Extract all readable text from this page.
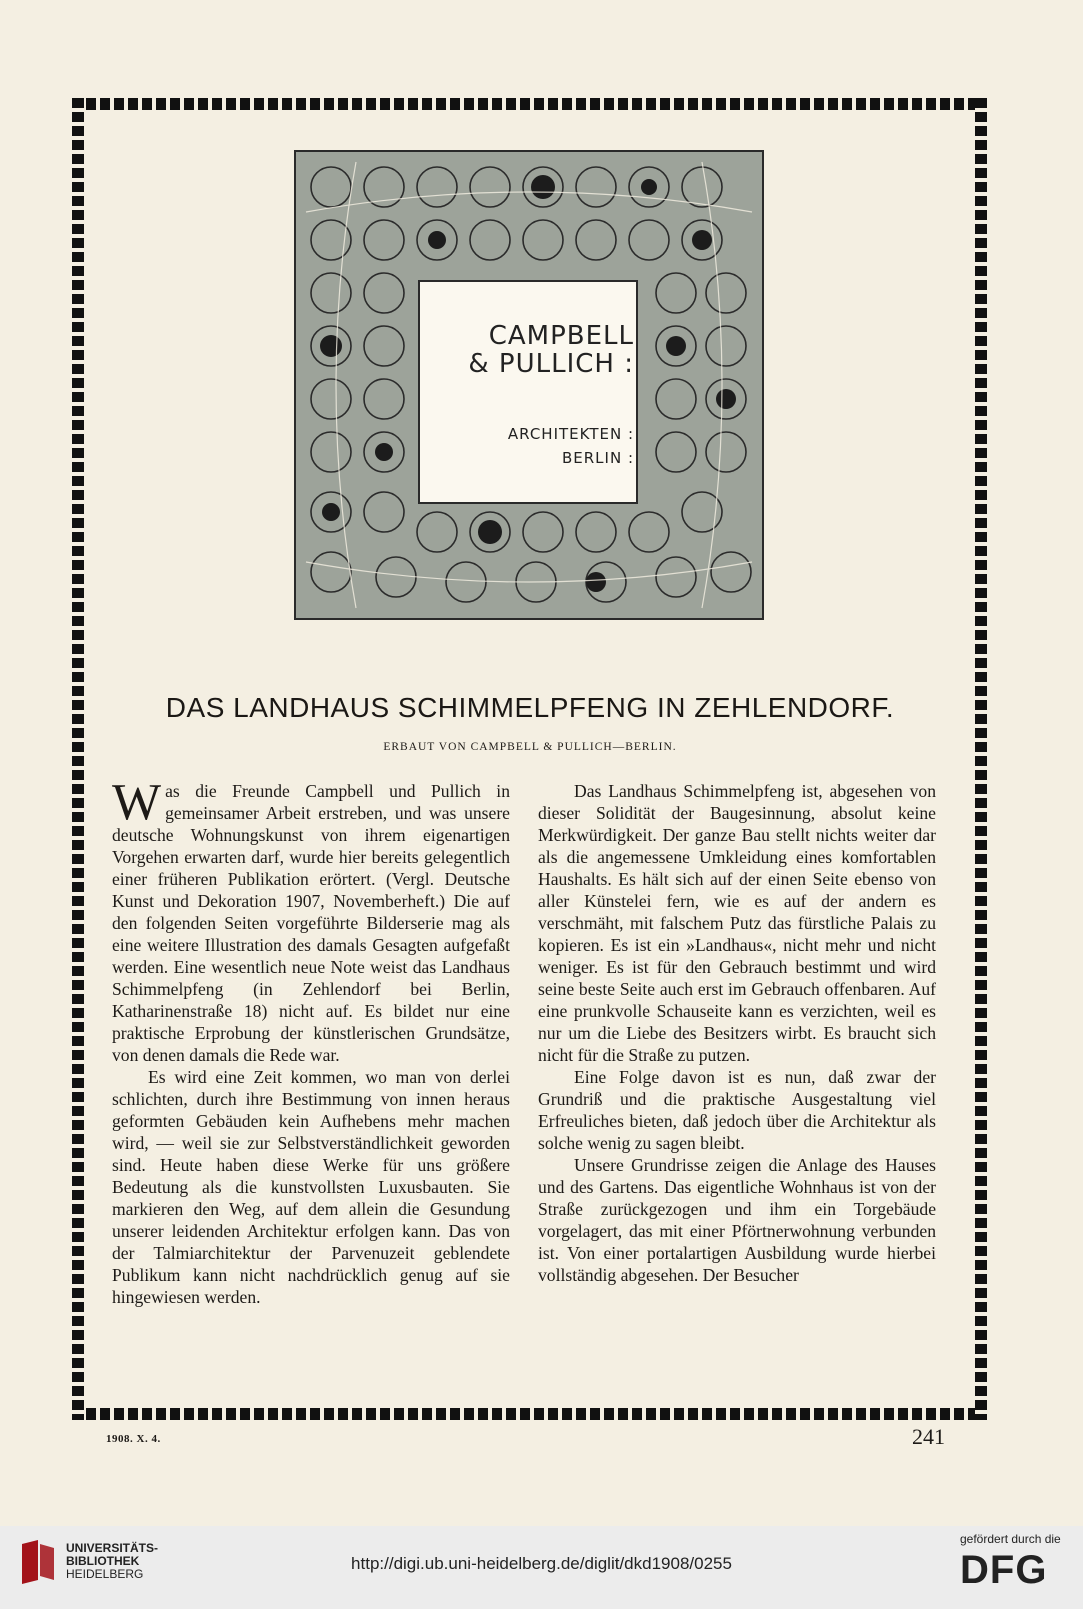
CAMPBELL
& PULLICH :
ARCHITEKTEN :
BERLIN :
DAS LANDHAUS SCHIMMELPFENG IN ZEHLENDORF.
ERBAUT VON CAMPBELL & PULLICH—BERLIN.

Was die Freunde Campbell und Pullich in gemeinsamer Arbeit erstreben, und was unsere deutsche Wohnungskunst von ihrem eigenartigen Vorgehen erwarten darf, wurde hier bereits gelegentlich einer früheren Publikation erörtert. (Vergl. Deutsche Kunst und Dekoration 1907, Novemberheft.) Die auf den folgenden Seiten vorgeführte Bilderserie mag als eine weitere Illustration des damals Gesagten aufgefaßt werden. Eine wesentlich neue Note weist das Landhaus Schimmelpfeng (in Zehlendorf bei Berlin, Katharinenstraße 18) nicht auf. Es bildet nur eine praktische Erprobung der künstlerischen Grundsätze, von denen damals die Rede war.

Es wird eine Zeit kommen, wo man von derlei schlichten, durch ihre Bestimmung von innen heraus geformten Gebäuden kein Aufhebens mehr machen wird, — weil sie zur Selbstverständlichkeit geworden sind. Heute haben diese Werke für uns größere Bedeutung als die kunstvollsten Luxusbauten. Sie markieren den Weg, auf dem allein die Gesundung unserer leidenden Architektur erfolgen kann. Das von der Talmiarchitektur der Parvenuzeit geblendete Publikum kann nicht nachdrücklich genug auf sie hingewiesen werden.

Das Landhaus Schimmelpfeng ist, abgesehen von dieser Solidität der Baugesinnung, absolut keine Merkwürdigkeit. Der ganze Bau stellt nichts weiter dar als die angemessene Umkleidung eines komfortablen Haushalts. Es hält sich auf der einen Seite ebenso von aller Künstelei fern, wie es auf der andern es verschmäht, mit falschem Putz das fürstliche Palais zu kopieren. Es ist ein »Landhaus«, nicht mehr und nicht weniger. Es ist für den Gebrauch bestimmt und wird seine beste Seite auch erst im Gebrauch offenbaren. Auf eine prunkvolle Schauseite kann es verzichten, weil es nur um die Liebe des Besitzers wirbt. Es braucht sich nicht für die Straße zu putzen.

Eine Folge davon ist es nun, daß zwar der Grundriß und die praktische Ausgestaltung viel Erfreuliches bieten, daß jedoch über die Architektur als solche wenig zu sagen bleibt.

Unsere Grundrisse zeigen die Anlage des Hauses und des Gartens. Das eigentliche Wohnhaus ist von der Straße zurückgezogen und ihm ein Torgebäude vorgelagert, das mit einer Pförtnerwohnung verbunden ist. Von einer portalartigen Ausbildung wurde hierbei vollständig abgesehen. Der Besucher

1908. X. 4.	241
UNIVERSITÄTS-
BIBLIOTHEK
HEIDELBERG
http://digi.ub.uni-heidelberg.de/diglit/dkd1908/0255
gefördert durch die
DFG
